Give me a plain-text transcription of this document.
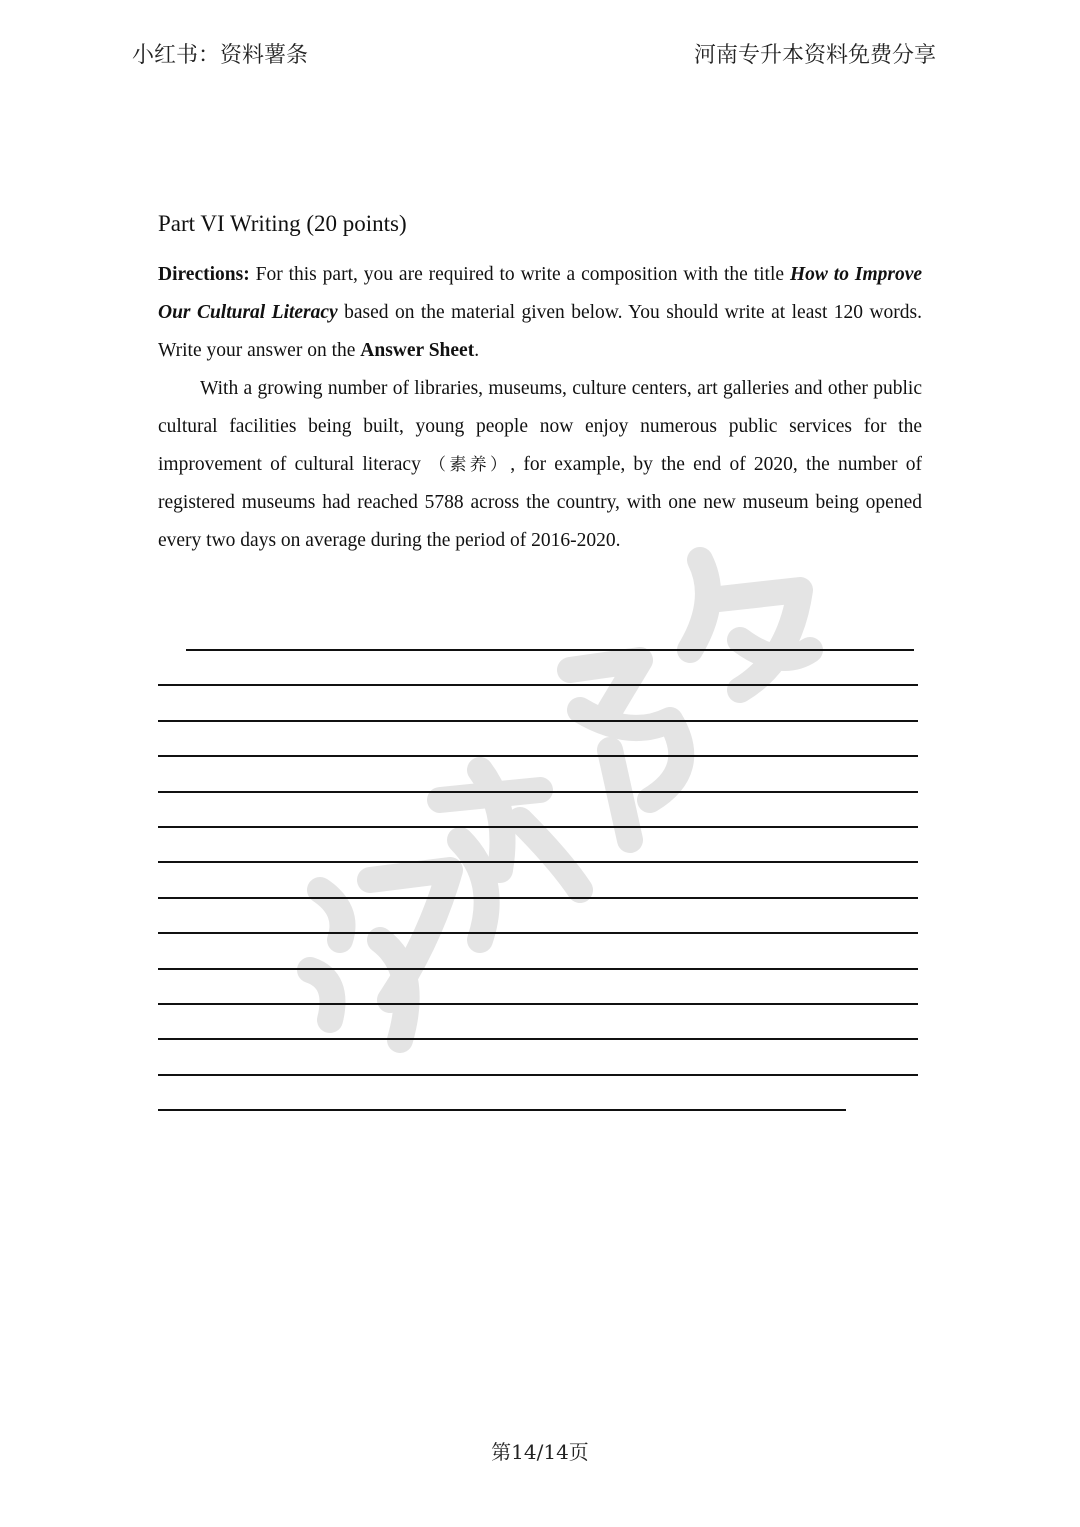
小红书：资料薯条	河南专升本资料免费分享
Part VI Writing (20 points)
Directions: For this part, you are required to write a composition with the title How to Improve Our Cultural Literacy based on the material given below. You should write at least 120 words. Write your answer on the Answer Sheet.
With a growing number of libraries, museums, culture centers, art galleries and other public cultural facilities being built, young people now enjoy numerous public services for the improvement of cultural literacy （素养）, for example, by the end of 2020, the number of registered museums had reached 5788 across the country, with one new museum being opened every two days on average during the period of 2016-2020.
第14/14页
